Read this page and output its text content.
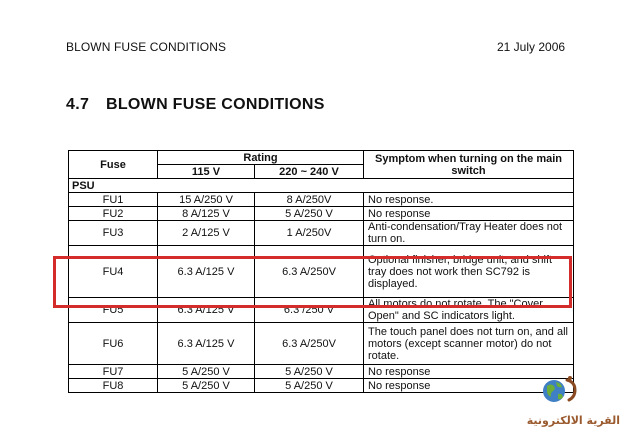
BLOWN FUSE CONDITIONS	21 July 2006
4.7 BLOWN FUSE CONDITIONS
Fuse	Rating		Symptom when turning on the main switch
	115 V	220 ~ 240 V	
PSU			
FU1	15 A/250 V	8 A/250V	No response.
FU2	8 A/125 V	5 A/250 V	No response
FU3	2 A/125 V	1 A/250V	Anti-condensation/Tray Heater does not turn on.

FU4	6.3 A/125 V	6.3 A/250V	Optional finisher, bridge unit, and shift tray does not work then SC792 is displayed.
FU5	6.3 A/125 V	6.3 /250 V	All motors do not rotate. The "Cover Open" and SC indicators light.

FU6	6.3 A/125 V	6.3 A/250V	The touch panel does not turn on, and all motors (except scanner motor) do not rotate.
FU7	5 A/250 V	5 A/250 V	No response
FU8	5 A/250 V	5 A/250 V	No response
القرية الالكترونية
